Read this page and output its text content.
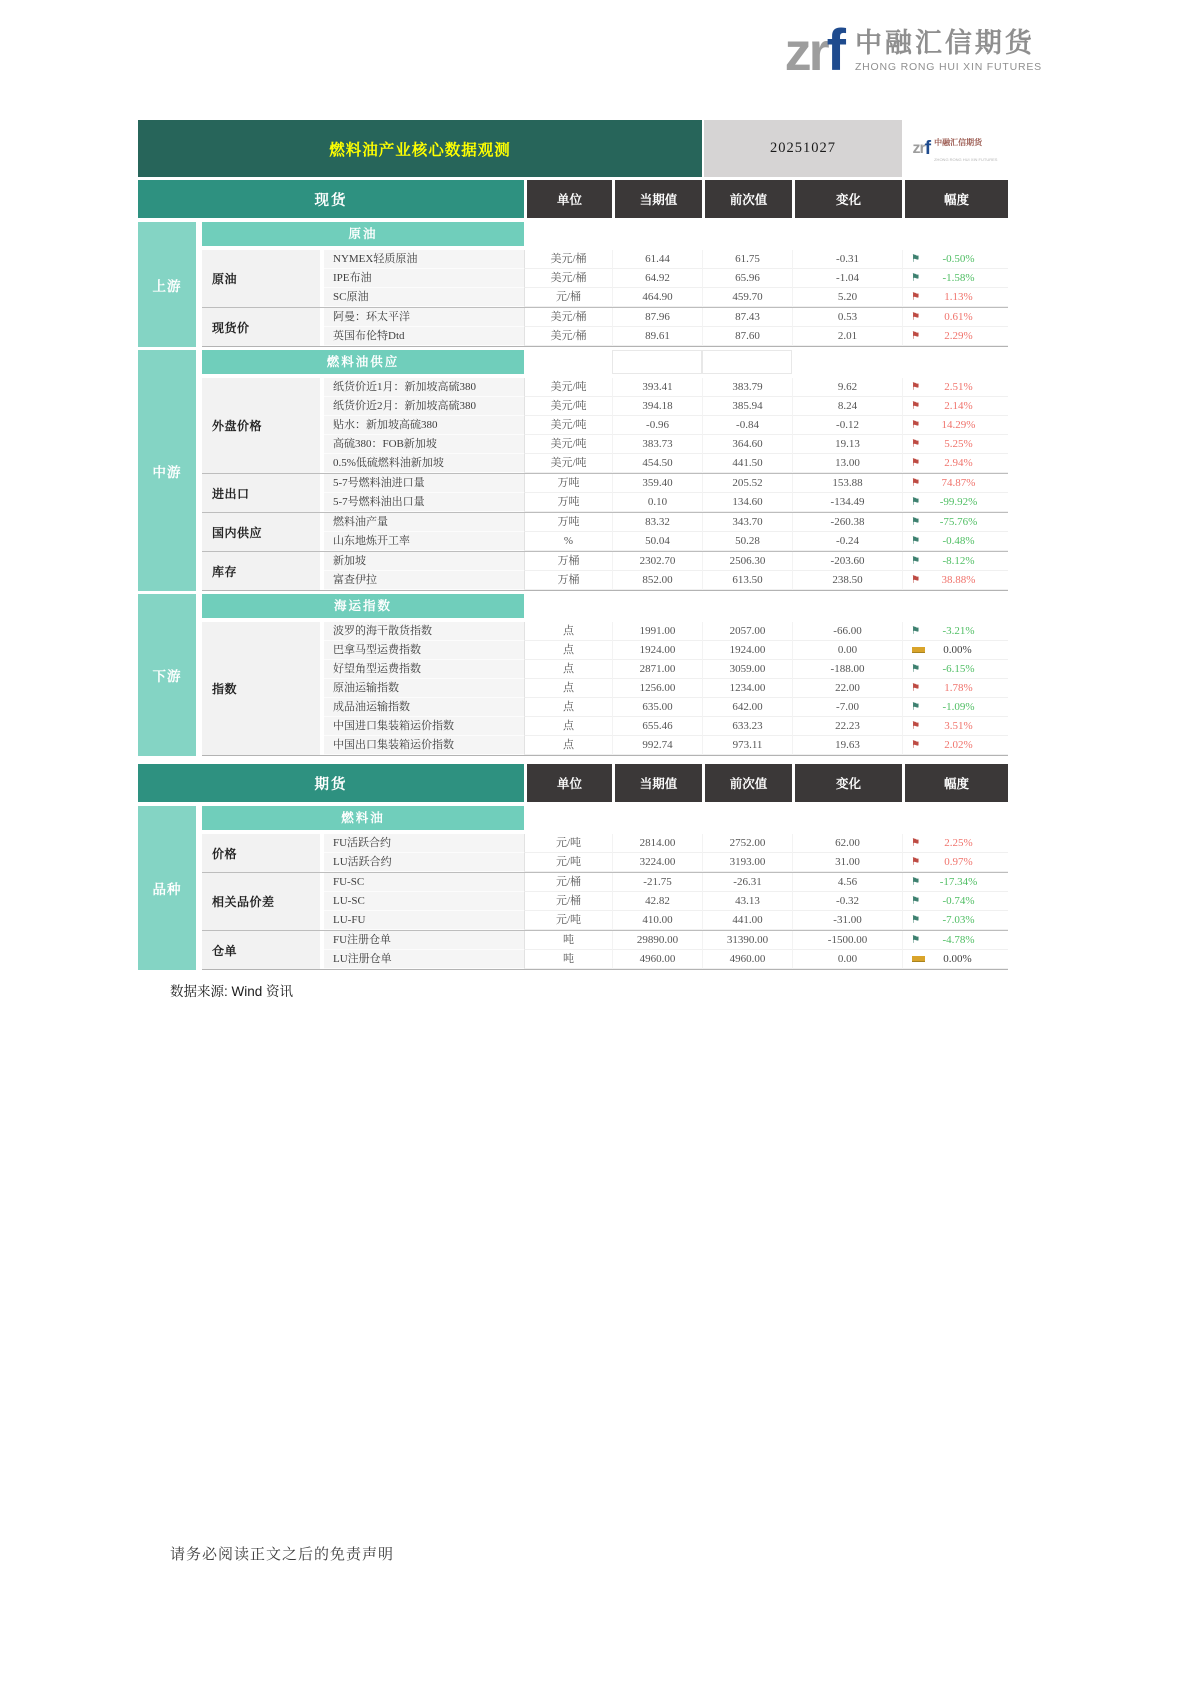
zrf 中融汇信期货
ZHONG RONG HUI XIN FUTURES
燃料油产业核心数据观测	20251027	zr f 中融汇信期货
ZHONG RONG HUI XIN FUTURES
现货	单位	当期值	前次值	变化	幅度
上游
原油
原油
NYMEX轻质原油	美元/桶	61.44	61.75	-0.31	⚑	-0.50%
IPE布油	美元/桶	64.92	65.96	-1.04	⚑	-1.58%
SC原油	元/桶	464.90	459.70	5.20	⚑	1.13%
现货价
阿曼：环太平洋	美元/桶	87.96	87.43	0.53	⚑	0.61%
英国布伦特Dtd	美元/桶	89.61	87.60	2.01	⚑	2.29%
中游
燃料油供应
外盘价格
纸货价近1月：新加坡高硫380	美元/吨	393.41	383.79	9.62	⚑	2.51%
纸货价近2月：新加坡高硫380	美元/吨	394.18	385.94	8.24	⚑	2.14%
贴水：新加坡高硫380	美元/吨	-0.96	-0.84	-0.12	⚑	14.29%
高硫380：FOB新加坡	美元/吨	383.73	364.60	19.13	⚑	5.25%
0.5%低硫燃料油新加坡	美元/吨	454.50	441.50	13.00	⚑	2.94%
进出口
5-7号燃料油进口量	万吨	359.40	205.52	153.88	⚑	74.87%
5-7号燃料油出口量	万吨	0.10	134.60	-134.49	⚑	-99.92%
国内供应
燃料油产量	万吨	83.32	343.70	-260.38	⚑	-75.76%
山东地炼开工率	%	50.04	50.28	-0.24	⚑	-0.48%
库存
新加坡	万桶	2302.70	2506.30	-203.60	⚑	-8.12%
富查伊拉	万桶	852.00	613.50	238.50	⚑	38.88%
下游
海运指数
指数
波罗的海干散货指数	点	1991.00	2057.00	-66.00	⚑	-3.21%
巴拿马型运费指数	点	1924.00	1924.00	0.00	0.00%
好望角型运费指数	点	2871.00	3059.00	-188.00	⚑	-6.15%
原油运输指数	点	1256.00	1234.00	22.00	⚑	1.78%
成品油运输指数	点	635.00	642.00	-7.00	⚑	-1.09%
中国进口集装箱运价指数	点	655.46	633.23	22.23	⚑	3.51%
中国出口集装箱运价指数	点	992.74	973.11	19.63	⚑	2.02%
期货	单位	当期值	前次值	变化	幅度
品种
燃料油
价格
FU活跃合约	元/吨	2814.00	2752.00	62.00	⚑	2.25%
LU活跃合约	元/吨	3224.00	3193.00	31.00	⚑	0.97%
相关品价差
FU-SC	元/桶	-21.75	-26.31	4.56	⚑	-17.34%
LU-SC	元/桶	42.82	43.13	-0.32	⚑	-0.74%
LU-FU	元/吨	410.00	441.00	-31.00	⚑	-7.03%
仓单
FU注册仓单	吨	29890.00	31390.00	-1500.00	⚑	-4.78%
LU注册仓单	吨	4960.00	4960.00	0.00	0.00%
数据来源: Wind 资讯
请务必阅读正文之后的免责声明
